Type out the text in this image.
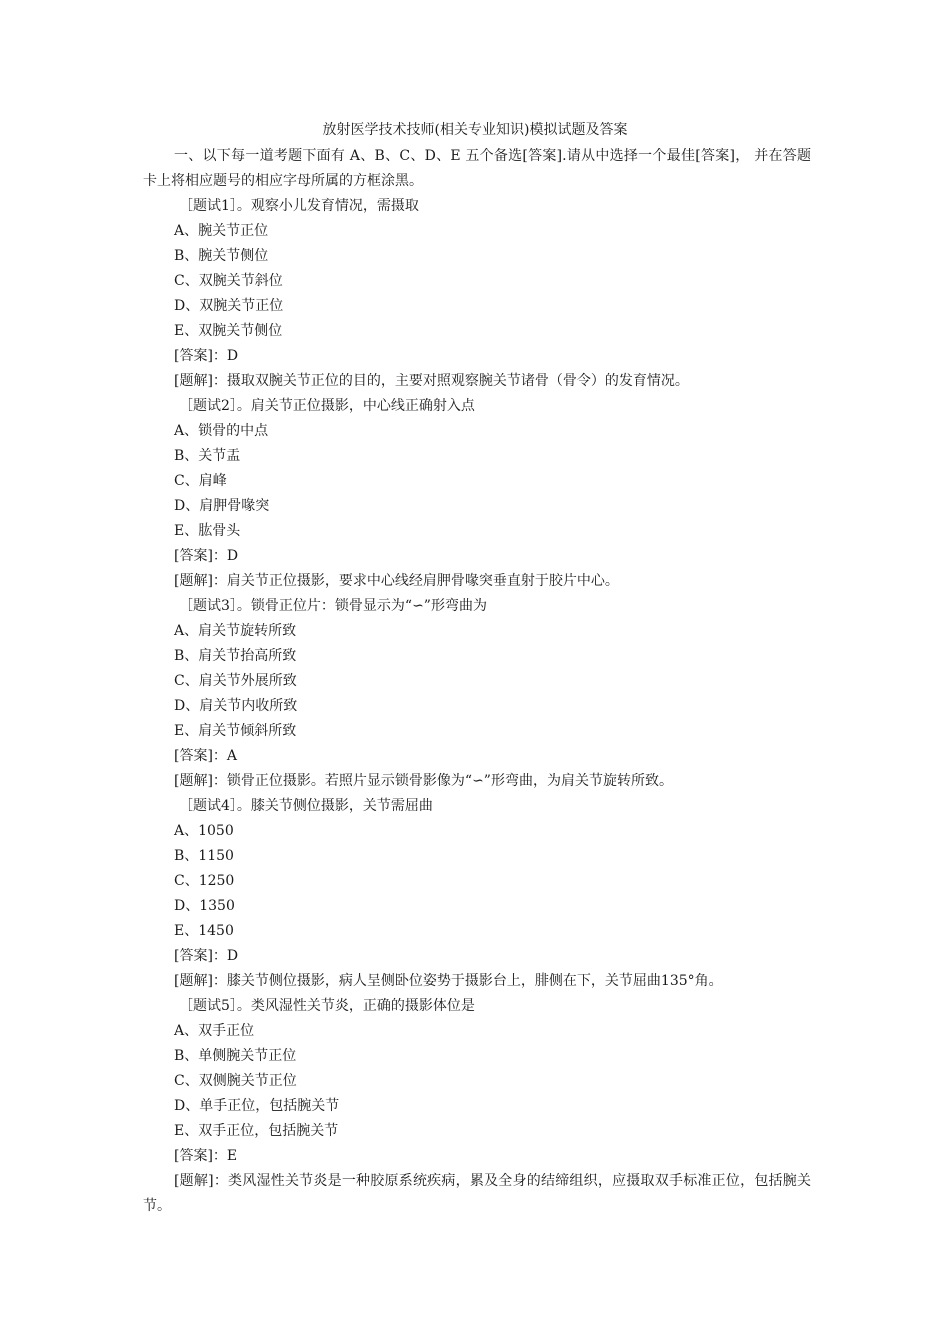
放射医学技术技师(相关专业知识)模拟试题及答案
一、以下每一道考题下面有 A、B、C、D、E 五个备选[答案].请从中选择一个最佳[答案]， 并在答题卡上将相应题号的相应字母所属的方框涂黑。
［题试1］。观察小儿发育情况，需摄取
A、腕关节正位
B、腕关节侧位
C、双腕关节斜位
D、双腕关节正位
E、双腕关节侧位
[答案]：D
[题解]：摄取双腕关节正位的目的，主要对照观察腕关节诸骨（骨令）的发育情况。
［题试2］。肩关节正位摄影，中心线正确射入点
A、锁骨的中点
B、关节盂
C、肩峰
D、肩胛骨喙突
E、肱骨头
[答案]：D
[题解]：肩关节正位摄影，要求中心线经肩胛骨喙突垂直射于胶片中心。
［题试3］。锁骨正位片：锁骨显示为“∽”形弯曲为
A、肩关节旋转所致
B、肩关节抬高所致
C、肩关节外展所致
D、肩关节内收所致
E、肩关节倾斜所致
[答案]：A
[题解]：锁骨正位摄影。若照片显示锁骨影像为“∽”形弯曲，为肩关节旋转所致。
［题试4］。膝关节侧位摄影，关节需屈曲
A、1050
B、1150
C、1250
D、1350
E、1450
[答案]：D
[题解]：膝关节侧位摄影，病人呈侧卧位姿势于摄影台上，腓侧在下，关节屈曲135°角。
［题试5］。类风湿性关节炎，正确的摄影体位是
A、双手正位
B、单侧腕关节正位
C、双侧腕关节正位
D、单手正位，包括腕关节
E、双手正位，包括腕关节
[答案]：E
[题解]：类风湿性关节炎是一种胶原系统疾病，累及全身的结缔组织，应摄取双手标准正位，包括腕关节。
